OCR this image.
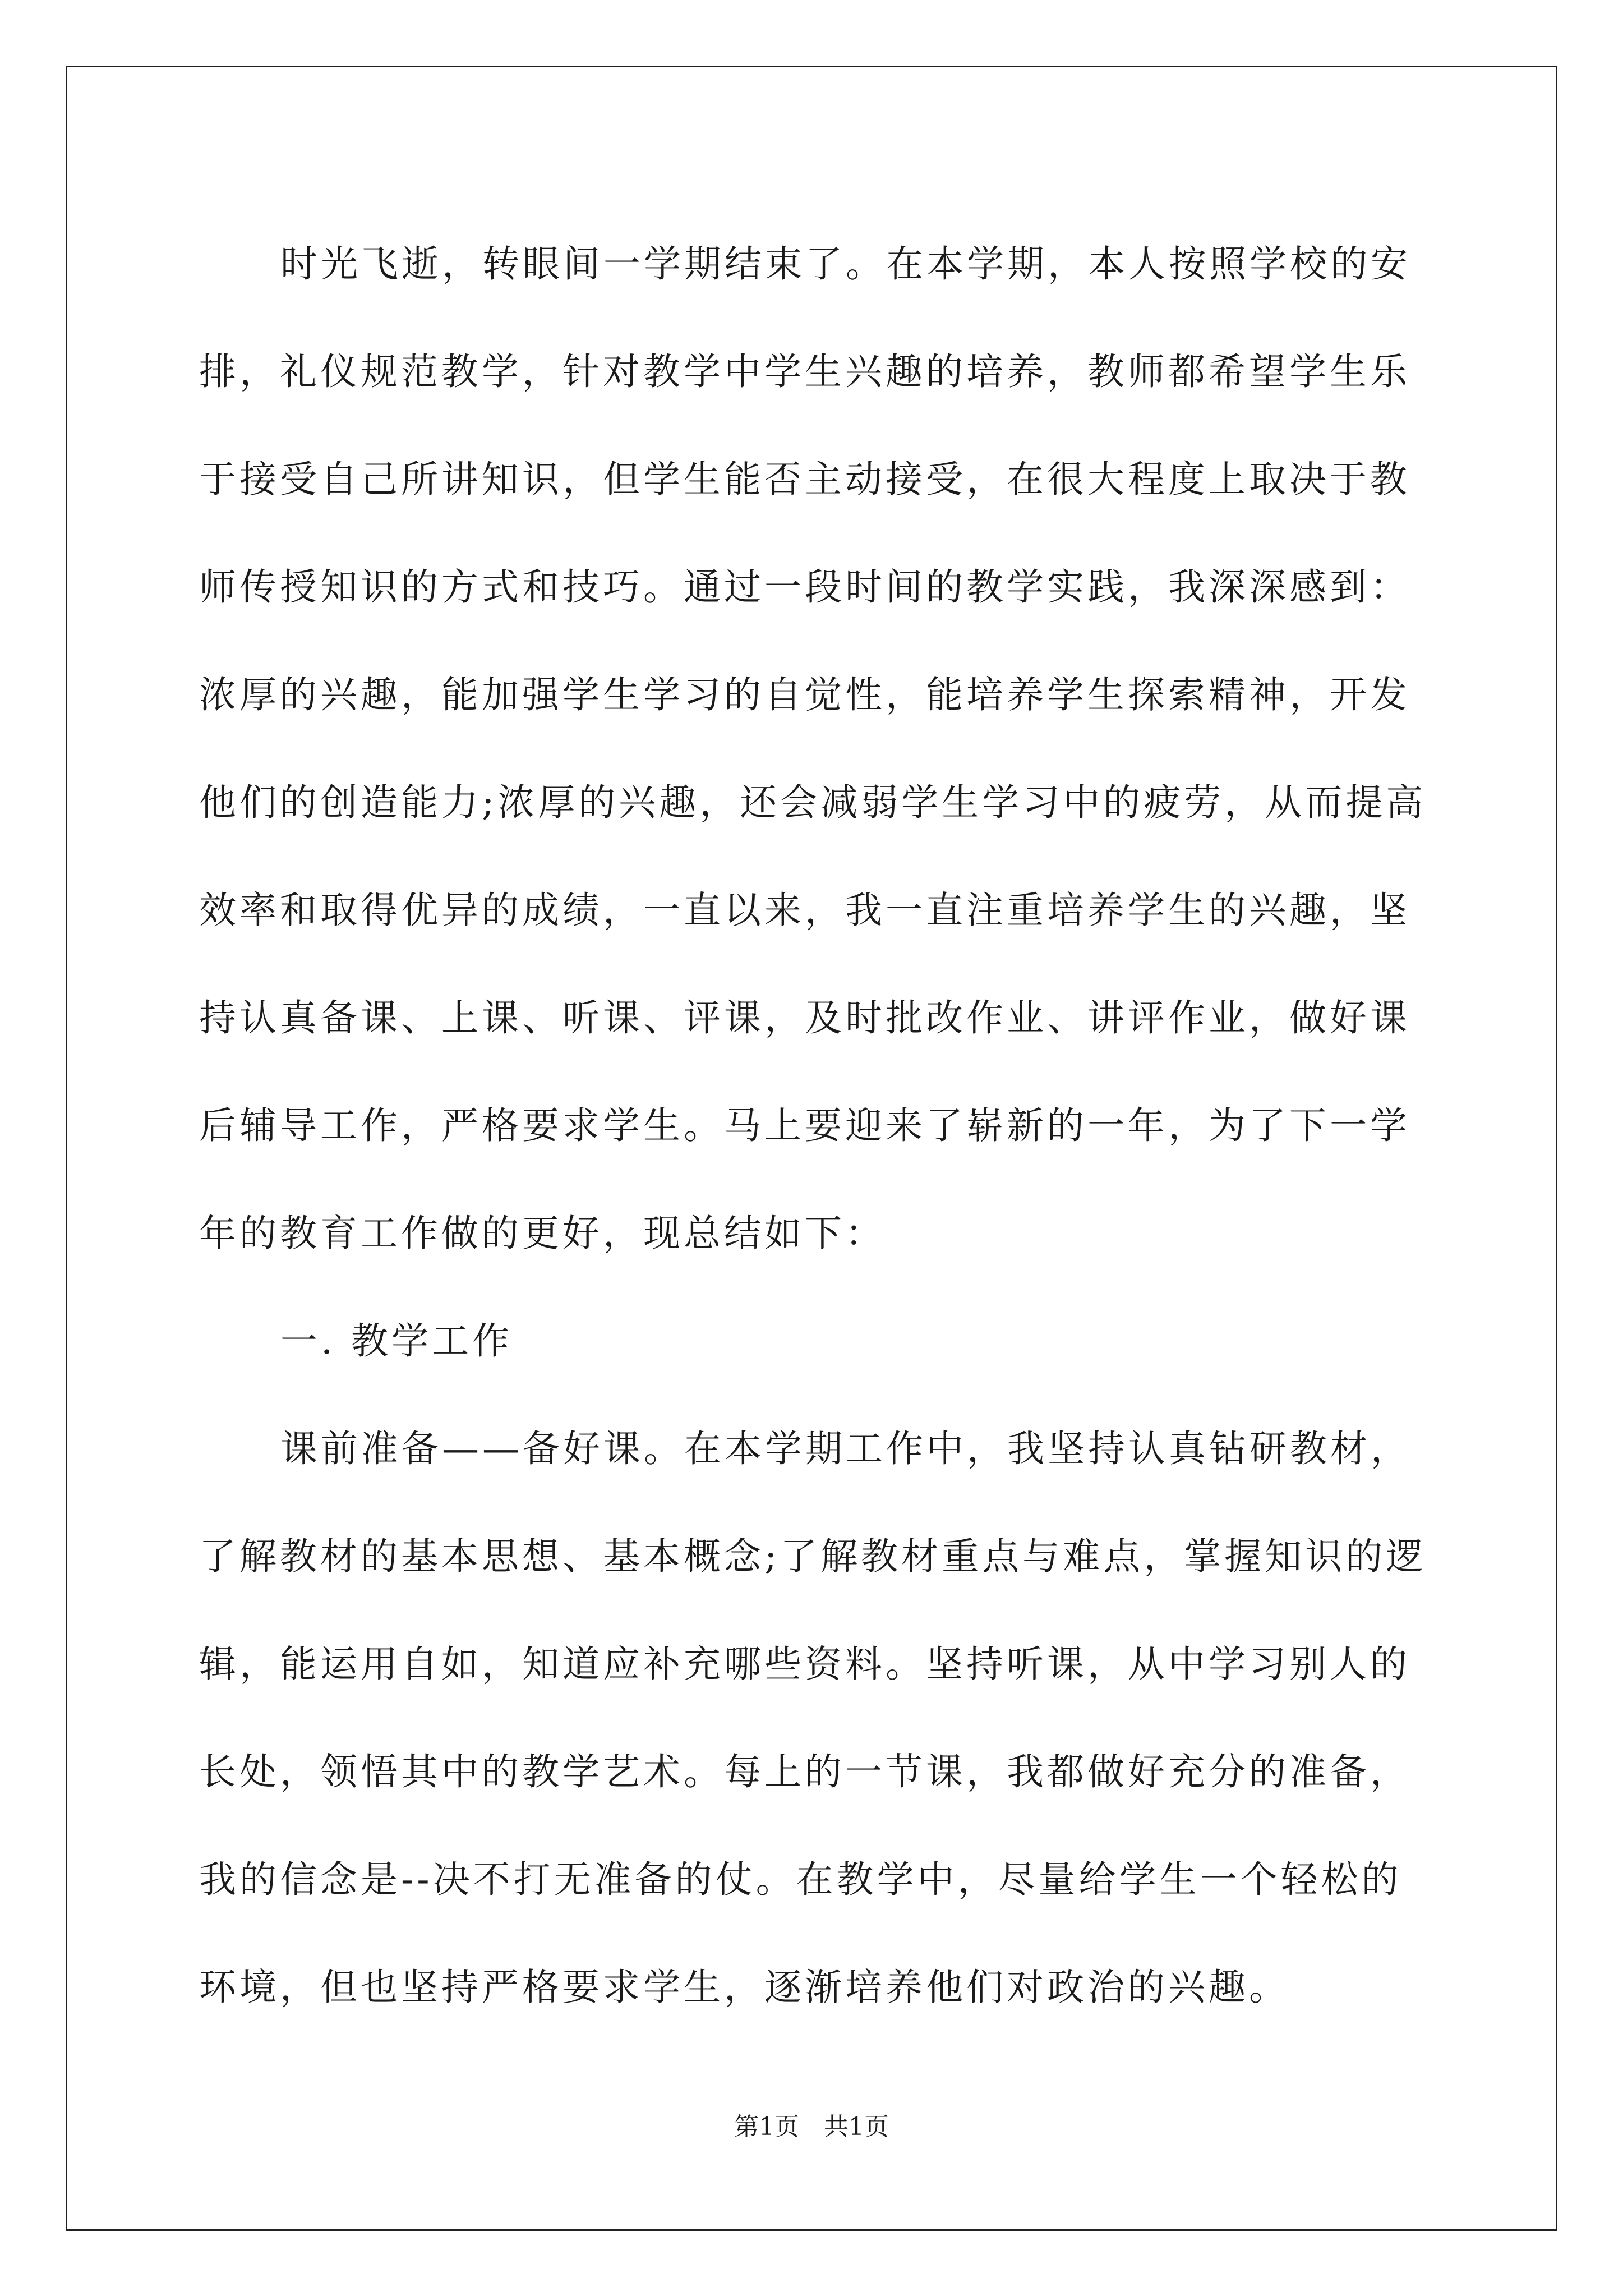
时光飞逝，转眼间一学期结束了。在本学期，本人按照学校的安
排，礼仪规范教学，针对教学中学生兴趣的培养，教师都希望学生乐
于接受自己所讲知识，但学生能否主动接受，在很大程度上取决于教
师传授知识的方式和技巧。通过一段时间的教学实践，我深深感到：
浓厚的兴趣，能加强学生学习的自觉性，能培养学生探索精神，开发
他们的创造能力;浓厚的兴趣，还会减弱学生学习中的疲劳，从而提高
效率和取得优异的成绩，一直以来，我一直注重培养学生的兴趣，坚
持认真备课、上课、听课、评课，及时批改作业、讲评作业，做好课
后辅导工作，严格要求学生。马上要迎来了崭新的一年，为了下一学
年的教育工作做的更好，现总结如下：
一. 教学工作
课前准备——备好课。在本学期工作中，我坚持认真钻研教材，
了解教材的基本思想、基本概念;了解教材重点与难点，掌握知识的逻
辑，能运用自如，知道应补充哪些资料。坚持听课，从中学习别人的
长处，领悟其中的教学艺术。每上的一节课，我都做好充分的准备，
我的信念是--决不打无准备的仗。在教学中，尽量给学生一个轻松的
环境，但也坚持严格要求学生，逐渐培养他们对政治的兴趣。
第1页　共1页
